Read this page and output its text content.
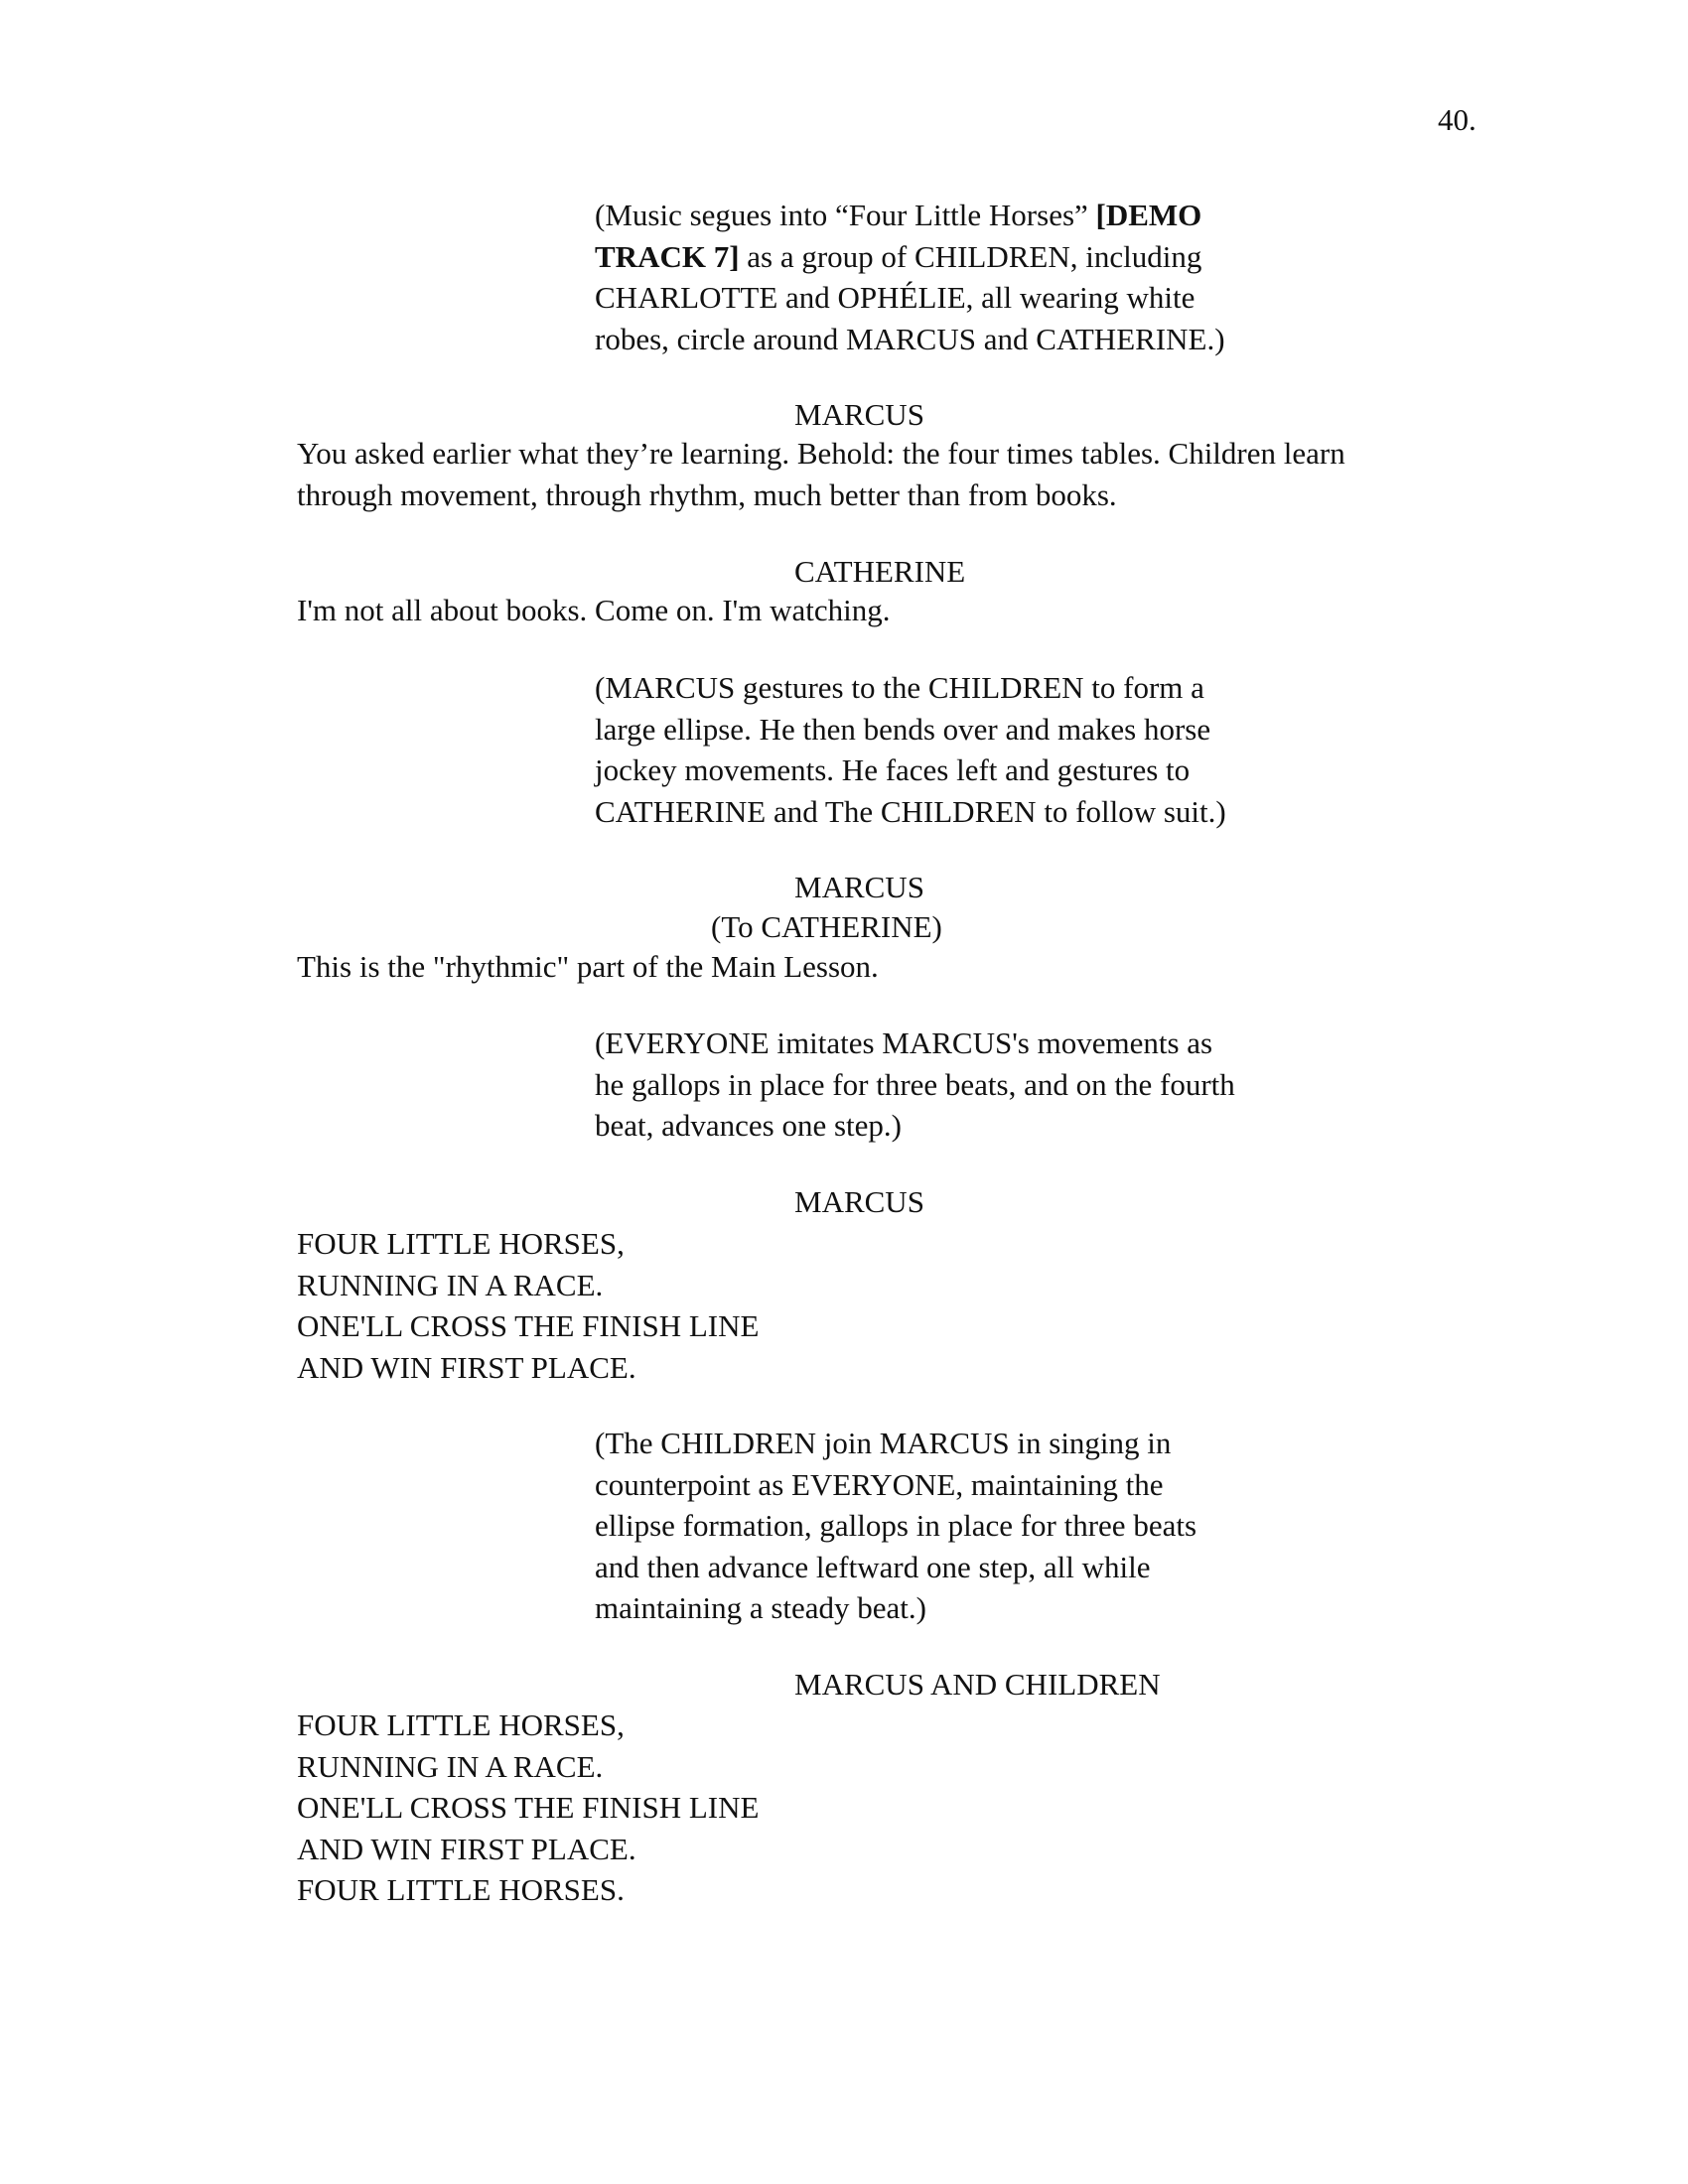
40.
(Music segues into “Four Little Horses” [DEMO
TRACK 7] as a group of CHILDREN, including
CHARLOTTE and OPHÉLIE, all wearing white
robes, circle around MARCUS and CATHERINE.)
MARCUS
You asked earlier what they’re learning. Behold: the four times tables. Children learn
through movement, through rhythm, much better than from books.
CATHERINE
I'm not all about books. Come on. I'm watching.
(MARCUS gestures to the CHILDREN to form a
large ellipse. He then bends over and makes horse
jockey movements. He faces left and gestures to
CATHERINE and The CHILDREN to follow suit.)
MARCUS
(To CATHERINE)
This is the "rhythmic" part of the Main Lesson.
(EVERYONE imitates MARCUS's movements as
he gallops in place for three beats, and on the fourth
beat, advances one step.)
MARCUS
FOUR LITTLE HORSES,
RUNNING IN A RACE.
ONE'LL CROSS THE FINISH LINE
AND WIN FIRST PLACE.
(The CHILDREN join MARCUS in singing in
counterpoint as EVERYONE, maintaining the
ellipse formation, gallops in place for three beats
and then advance leftward one step, all while
maintaining a steady beat.)
MARCUS AND CHILDREN
FOUR LITTLE HORSES,
RUNNING IN A RACE.
ONE'LL CROSS THE FINISH LINE
AND WIN FIRST PLACE.
FOUR LITTLE HORSES.
